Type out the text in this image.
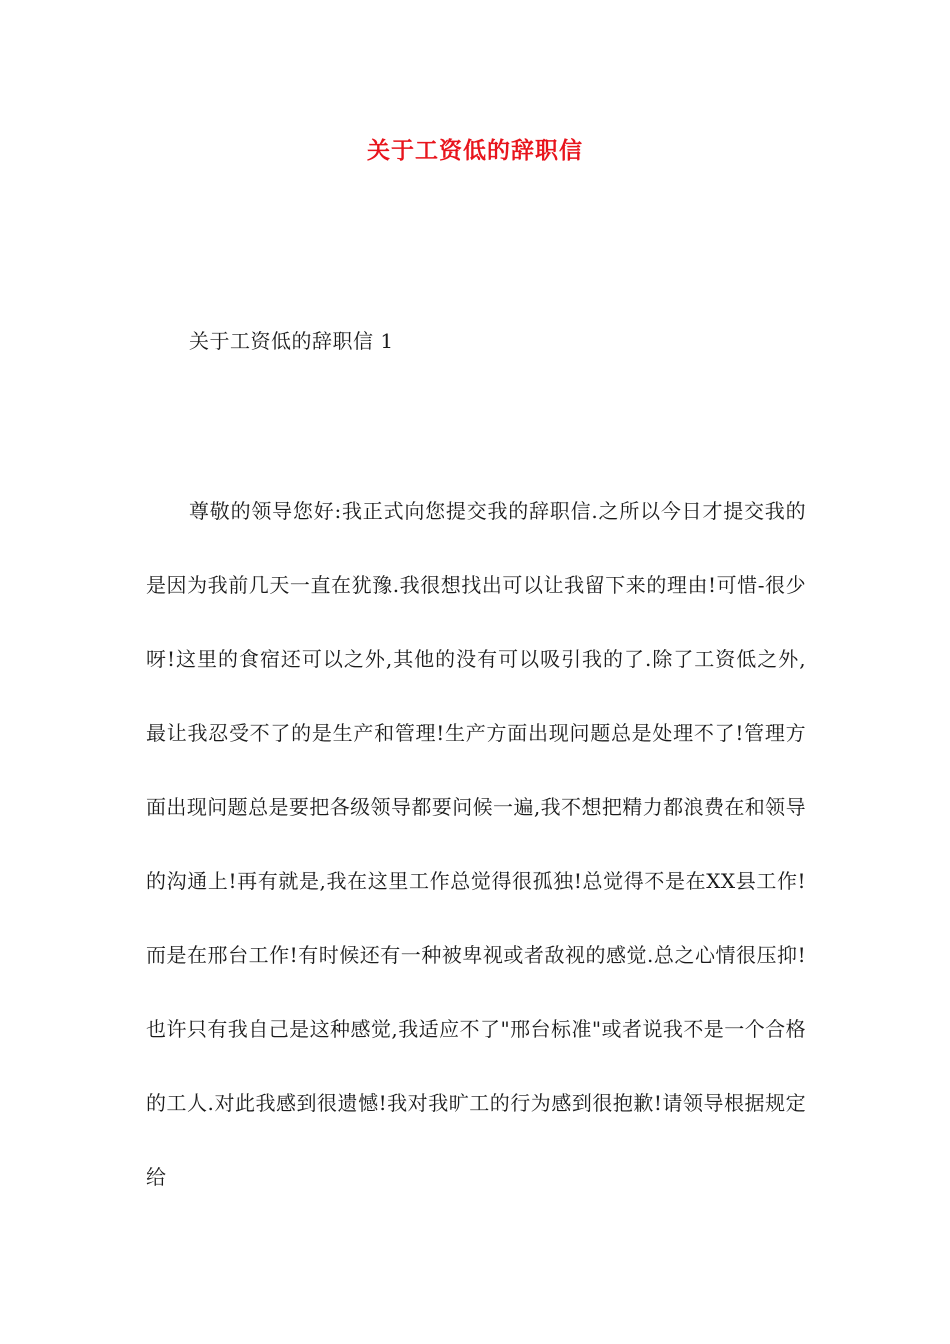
关于工资低的辞职信

关于工资低的辞职信 1

尊敬的领导您好:我正式向您提交我的辞职信.之所以今日才提交我的是因为我前几天一直在犹豫.我很想找出可以让我留下来的理由!可惜-很少呀!这里的食宿还可以之外,其他的没有可以吸引我的了.除了工资低之外,最让我忍受不了的是生产和管理!生产方面出现问题总是处理不了!管理方面出现问题总是要把各级领导都要问候一遍,我不想把精力都浪费在和领导的沟通上!再有就是,我在这里工作总觉得很孤独!总觉得不是在XX县工作!而是在邢台工作!有时候还有一种被卑视或者敌视的感觉.总之心情很压抑!也许只有我自己是这种感觉,我适应不了"邢台标准"或者说我不是一个合格的工人.对此我感到很遗憾!我对我旷工的行为感到很抱歉!请领导根据规定给
